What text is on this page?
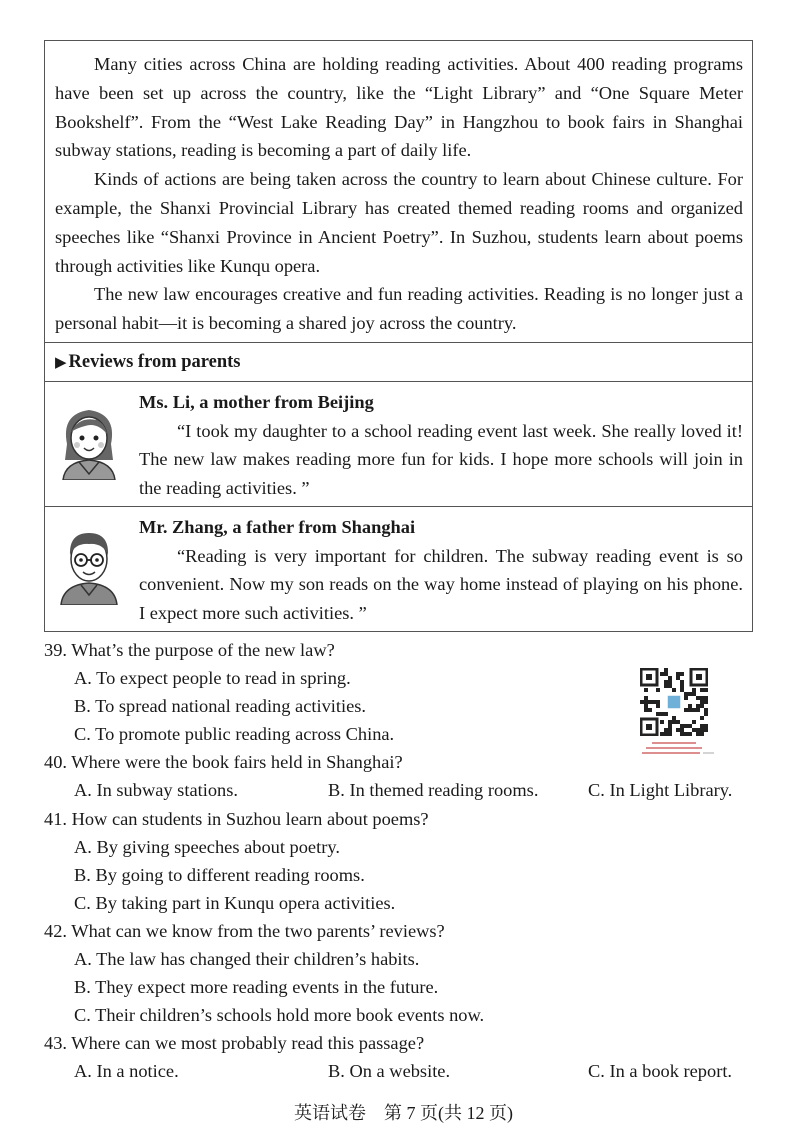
Many cities across China are holding reading activities. About 400 reading programs have been set up across the country, like the “Light Library” and “One Square Meter Bookshelf”. From the “West Lake Reading Day” in Hangzhou to book fairs in Shanghai subway stations, reading is becoming a part of daily life.

Kinds of actions are being taken across the country to learn about Chinese culture. For example, the Shanxi Provincial Library has created themed reading rooms and organized speeches like “Shanxi Province in Ancient Poetry”. In Suzhou, students learn about poems through activities like Kunqu opera.

The new law encourages creative and fun reading activities. Reading is no longer just a personal habit—it is becoming a shared joy across the country.

▶ Reviews from parents
Ms. Li, a mother from Beijing

“I took my daughter to a school reading event last week. She really loved it! The new law makes reading more fun for kids. I hope more schools will join in the reading activities. ”

Mr. Zhang, a father from Shanghai

“Reading is very important for children. The subway reading event is so convenient. Now my son reads on the way home instead of playing on his phone. I expect more such activities. ”

39. What’s the purpose of the new law?

A. To expect people to read in spring.

B. To spread national reading activities.

C. To promote public reading across China.

40. Where were the book fairs held in Shanghai?

A. In subway stations.	B. In themed reading rooms.	C. In Light Library.

41. How can students in Suzhou learn about poems?

A. By giving speeches about poetry.

B. By going to different reading rooms.

C. By taking part in Kunqu opera activities.

42. What can we know from the two parents’ reviews?

A. The law has changed their children’s habits.

B. They expect more reading events in the future.

C. Their children’s schools hold more book events now.

43. Where can we most probably read this passage?

A. In a notice.	B. On a website.	C. In a book report.
英语试卷　第 7 页(共 12 页)
